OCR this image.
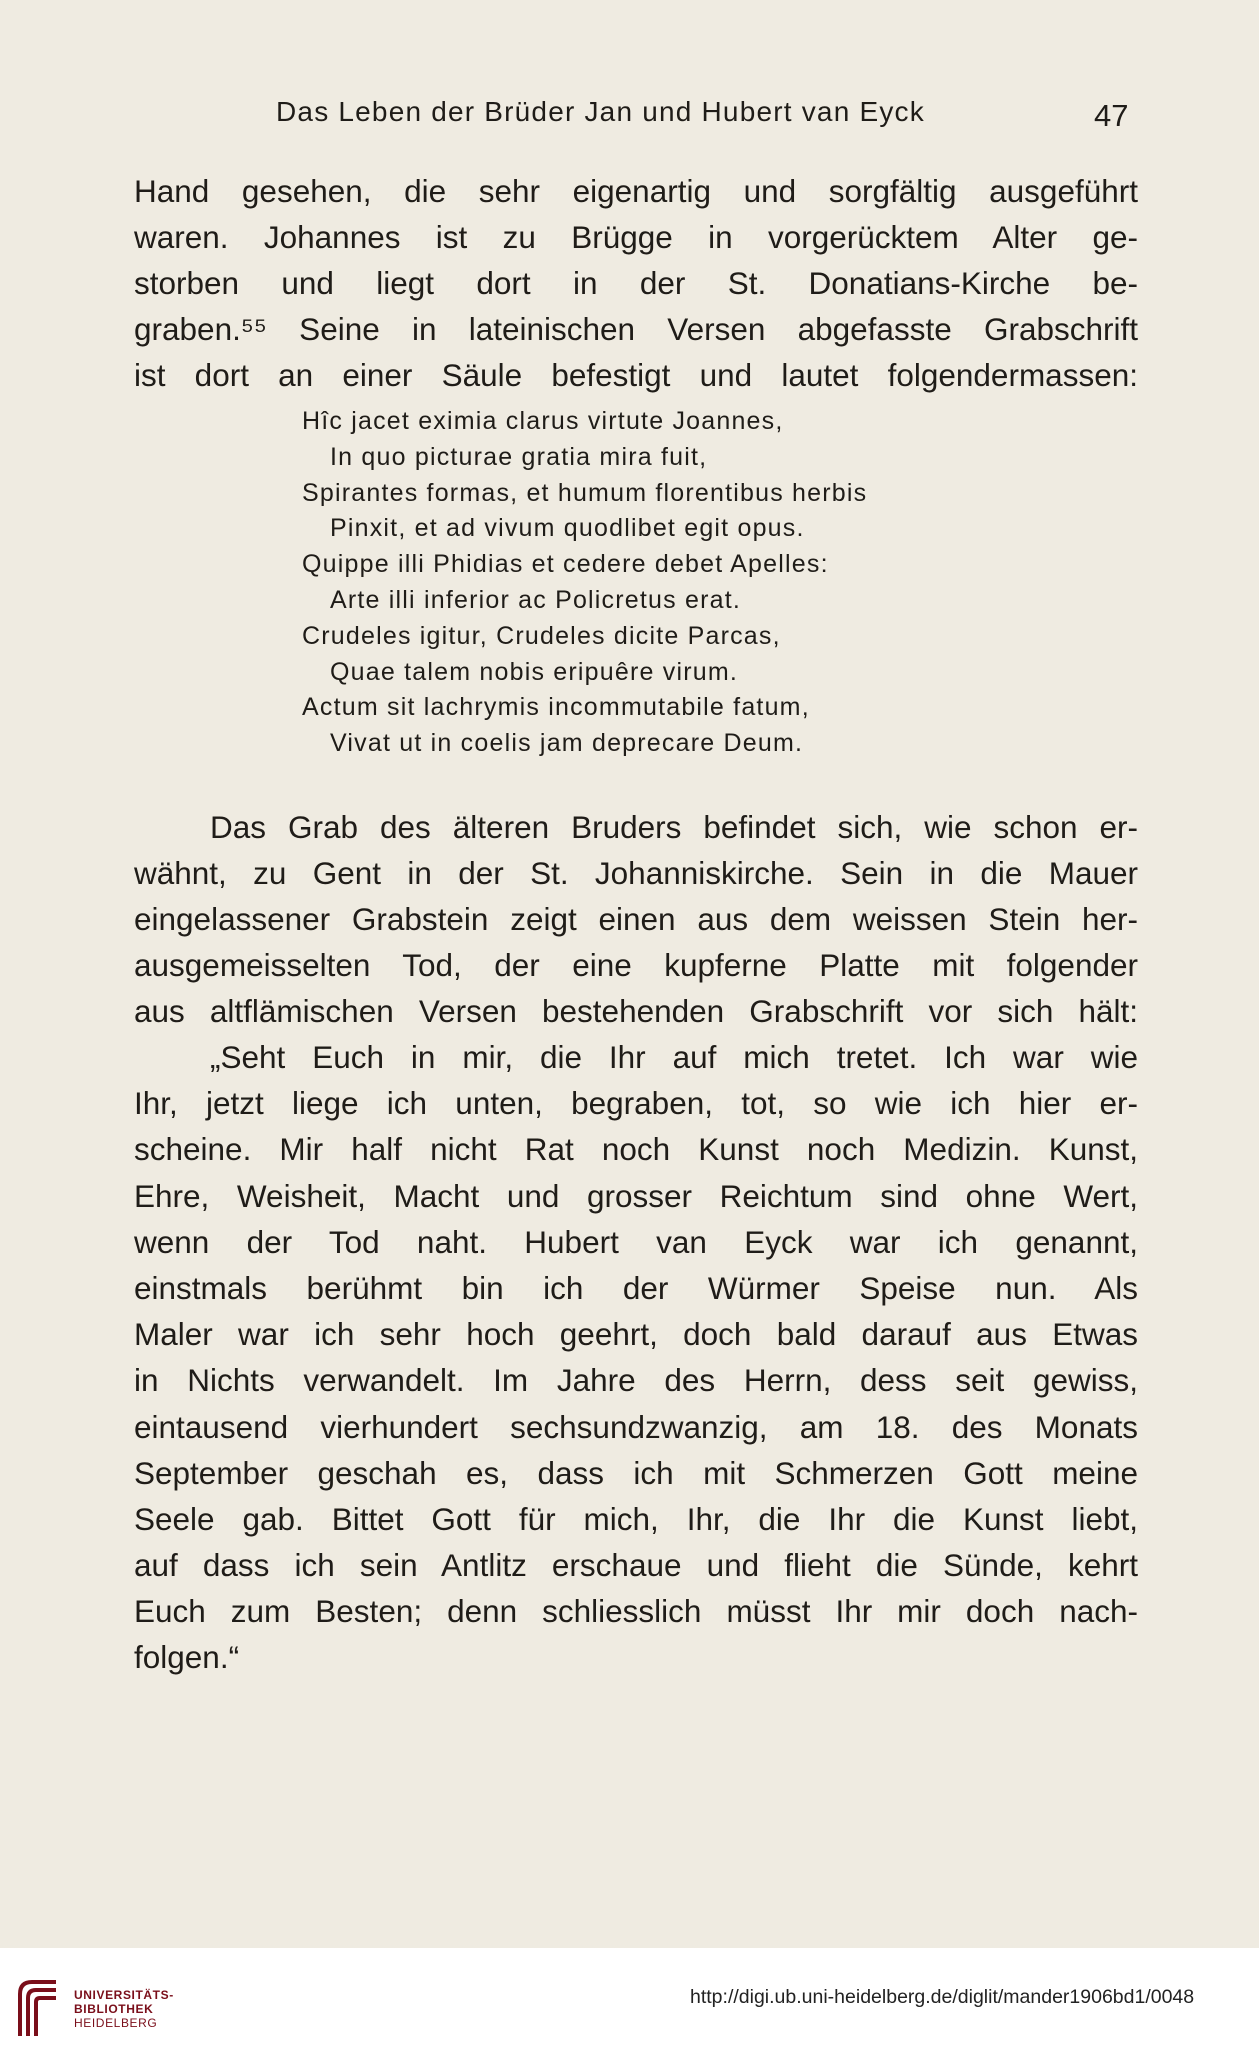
Das Leben der Brüder Jan und Hubert van Eyck	47
Hand gesehen, die sehr eigenartig und sorgfältig ausgeführt
waren. Johannes ist zu Brügge in vorgerücktem Alter ge-
storben und liegt dort in der St. Donatians-Kirche be-
graben.⁵⁵ Seine in lateinischen Versen abgefasste Grabschrift
ist dort an einer Säule befestigt und lautet folgendermassen:
Hîc jacet eximia clarus virtute Joannes,
In quo picturae gratia mira fuit,
Spirantes formas, et humum florentibus herbis
Pinxit, et ad vivum quodlibet egit opus.
Quippe illi Phidias et cedere debet Apelles:
Arte illi inferior ac Policretus erat.
Crudeles igitur, Crudeles dicite Parcas,
Quae talem nobis eripuêre virum.
Actum sit lachrymis incommutabile fatum,
Vivat ut in coelis jam deprecare Deum.
Das Grab des älteren Bruders befindet sich, wie schon er-
wähnt, zu Gent in der St. Johanniskirche. Sein in die Mauer
eingelassener Grabstein zeigt einen aus dem weissen Stein her-
ausgemeisselten Tod, der eine kupferne Platte mit folgender
aus altflämischen Versen bestehenden Grabschrift vor sich hält:
„Seht Euch in mir, die Ihr auf mich tretet. Ich war wie
Ihr, jetzt liege ich unten, begraben, tot, so wie ich hier er-
scheine. Mir half nicht Rat noch Kunst noch Medizin. Kunst,
Ehre, Weisheit, Macht und grosser Reichtum sind ohne Wert,
wenn der Tod naht. Hubert van Eyck war ich genannt,
einstmals berühmt bin ich der Würmer Speise nun. Als
Maler war ich sehr hoch geehrt, doch bald darauf aus Etwas
in Nichts verwandelt. Im Jahre des Herrn, dess seit gewiss,
eintausend vierhundert sechsundzwanzig, am 18. des Monats
September geschah es, dass ich mit Schmerzen Gott meine
Seele gab. Bittet Gott für mich, Ihr, die Ihr die Kunst liebt,
auf dass ich sein Antlitz erschaue und flieht die Sünde, kehrt
Euch zum Besten; denn schliesslich müsst Ihr mir doch nach-
folgen.“
UNIVERSITÄTS-
BIBLIOTHEK
HEIDELBERG
http://digi.ub.uni-heidelberg.de/diglit/mander1906bd1/0048
